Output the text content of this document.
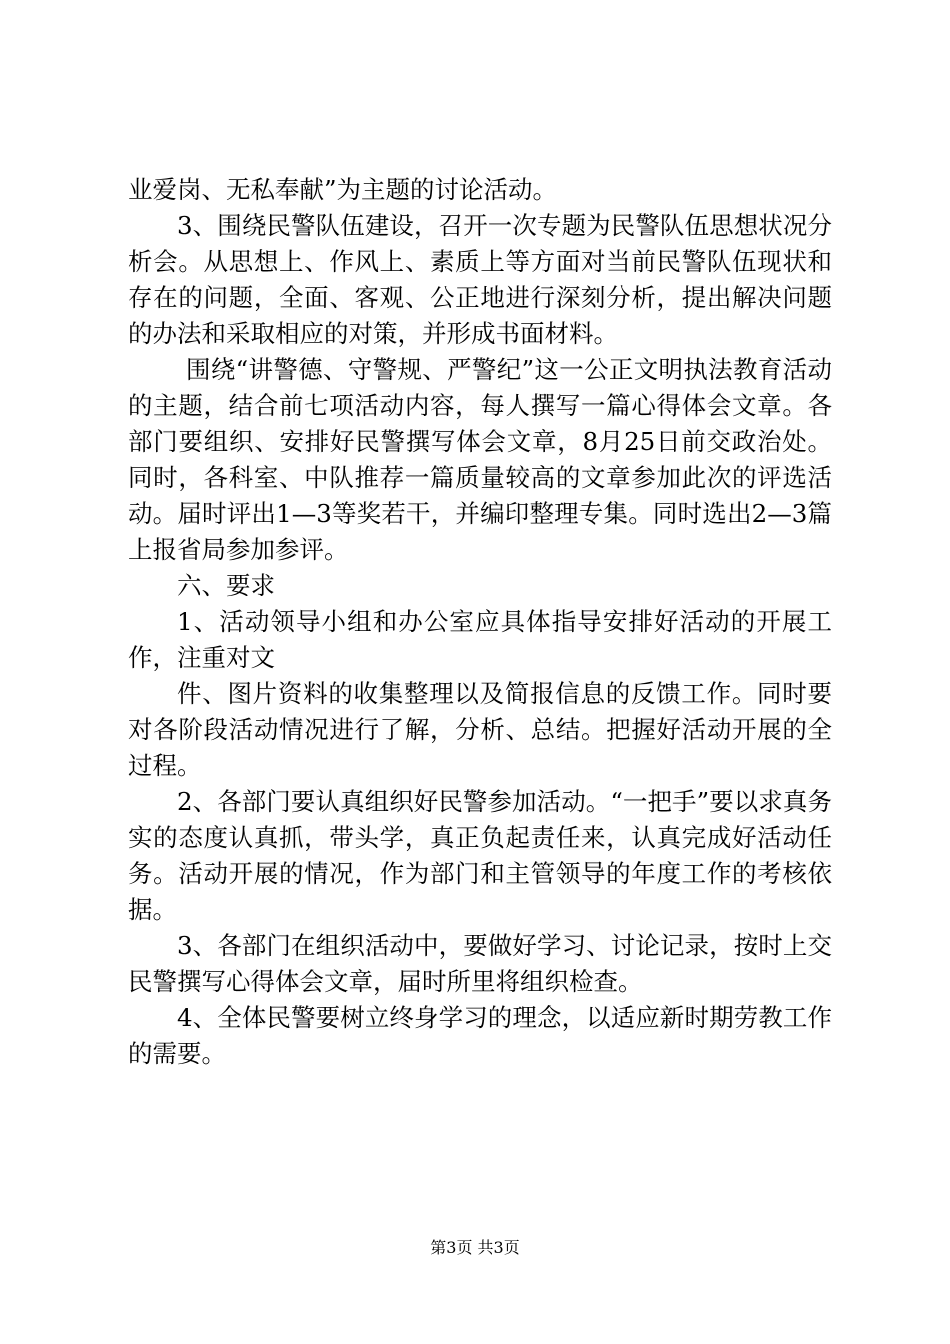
业爱岗、无私奉献”为主题的讨论活动。

3、围绕民警队伍建设，召开一次专题为民警队伍思想状况分析会。从思想上、作风上、素质上等方面对当前民警队伍现状和存在的问题，全面、客观、公正地进行深刻分析，提出解决问题的办法和采取相应的对策，并形成书面材料。

围绕“讲警德、守警规、严警纪”这一公正文明执法教育活动的主题，结合前七项活动内容，每人撰写一篇心得体会文章。各部门要组织、安排好民警撰写体会文章，8月25日前交政治处。同时，各科室、中队推荐一篇质量较高的文章参加此次的评选活动。届时评出1—3等奖若干，并编印整理专集。同时选出2—3篇上报省局参加参评。

六、要求

1、活动领导小组和办公室应具体指导安排好活动的开展工作，注重对文

件、图片资料的收集整理以及简报信息的反馈工作。同时要对各阶段活动情况进行了解，分析、总结。把握好活动开展的全过程。

2、各部门要认真组织好民警参加活动。“一把手”要以求真务实的态度认真抓，带头学，真正负起责任来，认真完成好活动任务。活动开展的情况，作为部门和主管领导的年度工作的考核依据。

3、各部门在组织活动中，要做好学习、讨论记录，按时上交民警撰写心得体会文章，届时所里将组织检查。

4、全体民警要树立终身学习的理念，以适应新时期劳教工作的需要。

第3页 共3页
